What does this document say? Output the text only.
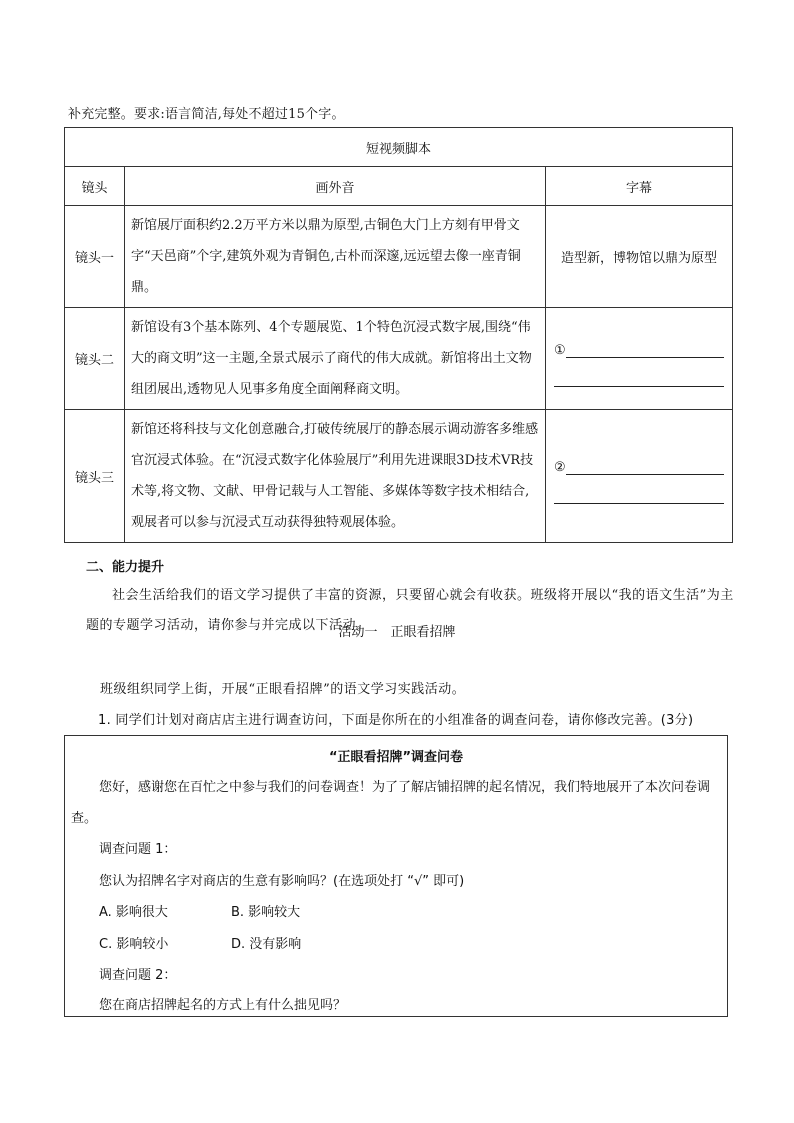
补充完整。要求:语言简洁,每处不超过15个字。
短视频脚本		
镜头	画外音	字幕
镜头一	新馆展厅面积约2.2万平方米以鼎为原型,古铜色大门上方刻有甲骨文字“天邑商”个字,建筑外观为青铜色,古朴而深邃,远远望去像一座青铜鼎。	造型新，博物馆以鼎为原型
镜头二	新馆设有3个基本陈列、4个专题展览、1个特色沉浸式数字展,围绕“伟大的商文明”这一主题,全景式展示了商代的伟大成就。新馆将出土文物组团展出,透物见人见事多角度全面阐释商文明。	①

镜头三	新馆还将科技与文化创意融合,打破传统展厅的静态展示调动游客多维感官沉浸式体验。在“沉浸式数字化体验展厅”利用先进课眼3D技术VR技术等,将文物、文献、甲骨记载与人工智能、多媒体等数字技术相结合,观展者可以参与沉浸式互动获得独特观展体验。	②
二、能力提升
社会生活给我们的语文学习提供了丰富的资源，只要留心就会有收获。班级将开展以“我的语文生活”为主题的专题学习活动，请你参与并完成以下活动。
活动一　正眼看招牌
班级组织同学上街，开展“正眼看招牌”的语文学习实践活动。
1. 同学们计划对商店店主进行调查访问，下面是你所在的小组准备的调查问卷，请你修改完善。(3分)
“正眼看招牌”调查问卷
您好，感谢您在百忙之中参与我们的问卷调查！为了了解店铺招牌的起名情况，我们特地展开了本次问卷调查。
调查问题 1：
您认为招牌名字对商店的生意有影响吗？(在选项处打 “√” 即可)
A. 影响很大	B. 影响较大
C. 影响较小	D. 没有影响
调查问题 2：
您在商店招牌起名的方式上有什么拙见吗？
